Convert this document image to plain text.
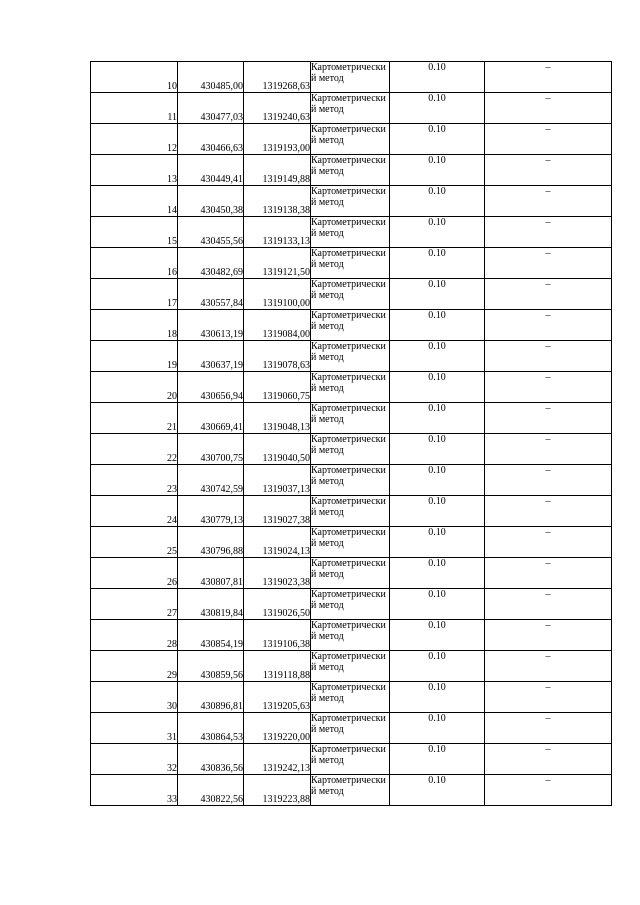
10	430485,00	1319268,63	Картометрический метод	0.10	–
11	430477,03	1319240,63	Картометрический метод	0.10	–
12	430466,63	1319193,00	Картометрический метод	0.10	–
13	430449,41	1319149,88	Картометрический метод	0.10	–
14	430450,38	1319138,38	Картометрический метод	0.10	–
15	430455,56	1319133,13	Картометрический метод	0.10	–
16	430482,69	1319121,50	Картометрический метод	0.10	–
17	430557,84	1319100,00	Картометрический метод	0.10	–
18	430613,19	1319084,00	Картометрический метод	0.10	–
19	430637,19	1319078,63	Картометрический метод	0.10	–
20	430656,94	1319060,75	Картометрический метод	0.10	–
21	430669,41	1319048,13	Картометрический метод	0.10	–
22	430700,75	1319040,50	Картометрический метод	0.10	–
23	430742,59	1319037,13	Картометрический метод	0.10	–
24	430779,13	1319027,38	Картометрический метод	0.10	–
25	430796,88	1319024,13	Картометрический метод	0.10	–
26	430807,81	1319023,38	Картометрический метод	0.10	–
27	430819,84	1319026,50	Картометрический метод	0.10	–
28	430854,19	1319106,38	Картометрический метод	0.10	–
29	430859,56	1319118,88	Картометрический метод	0.10	–
30	430896,81	1319205,63	Картометрический метод	0.10	–
31	430864,53	1319220,00	Картометрический метод	0.10	–
32	430836,56	1319242,13	Картометрический метод	0.10	–
33	430822,56	1319223,88	Картометрический метод	0.10	–
